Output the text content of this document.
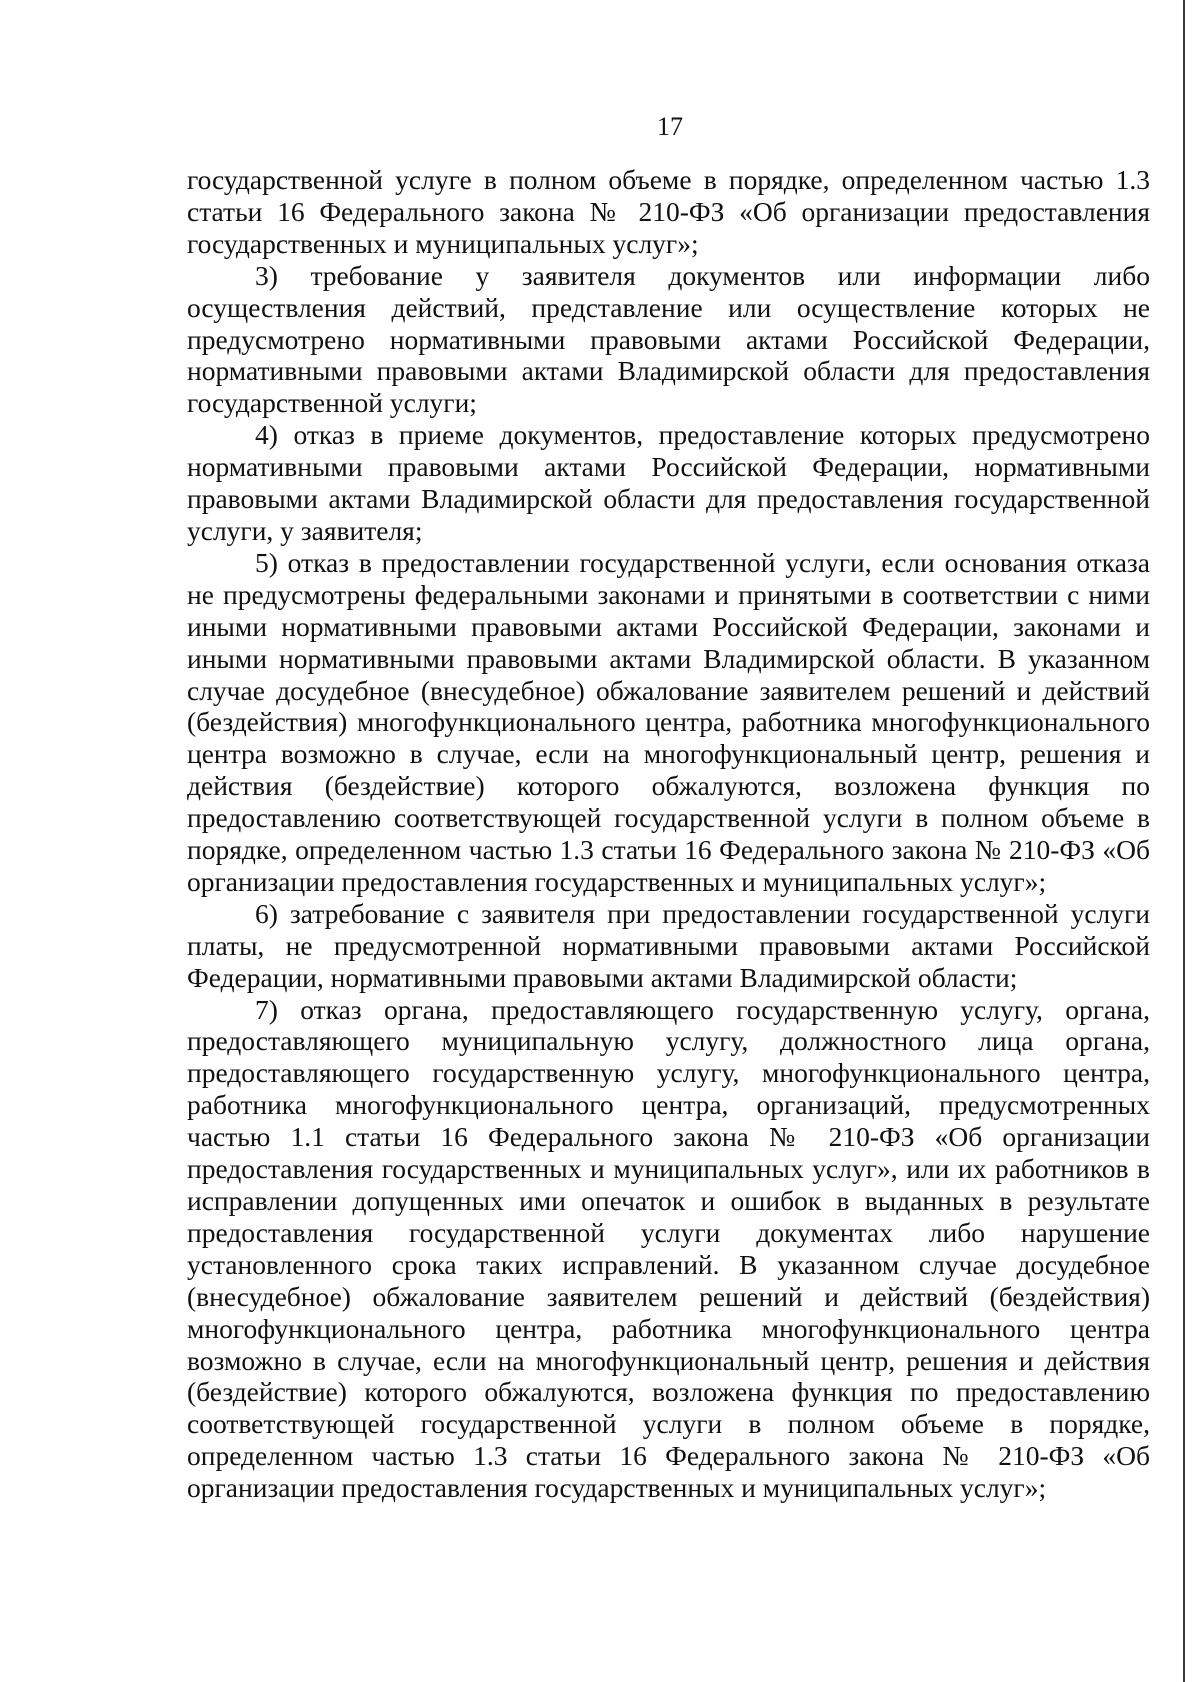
17

государственной услуге в полном объеме в порядке, определенном частью 1.3 статьи 16 Федерального закона № 210-ФЗ «Об организации предоставления государственных и муниципальных услуг»;

3) требование у заявителя документов или информации либо осуществления действий, представление или осуществление которых не предусмотрено нормативными правовыми актами Российской Федерации, нормативными правовыми актами Владимирской области для предоставления государственной услуги;

4) отказ в приеме документов, предоставление которых предусмотрено нормативными правовыми актами Российской Федерации, нормативными правовыми актами Владимирской области для предоставления государственной услуги, у заявителя;

5) отказ в предоставлении государственной услуги, если основания отказа не предусмотрены федеральными законами и принятыми в соответствии с ними иными нормативными правовыми актами Российской Федерации, законами и иными нормативными правовыми актами Владимирской области. В указанном случае досудебное (внесудебное) обжалование заявителем решений и действий (бездействия) многофункционального центра, работника многофункционального центра возможно в случае, если на многофункциональный центр, решения и действия (бездействие) которого обжалуются, возложена функция по предоставлению соответствующей государственной услуги в полном объеме в порядке, определенном частью 1.3 статьи 16 Федерального закона № 210-ФЗ «Об организации предоставления государственных и муниципальных услуг»;

6) затребование с заявителя при предоставлении государственной услуги платы, не предусмотренной нормативными правовыми актами Российской Федерации, нормативными правовыми актами Владимирской области;

7) отказ органа, предоставляющего государственную услугу, органа, предоставляющего муниципальную услугу, должностного лица органа, предоставляющего государственную услугу, многофункционального центра, работника многофункционального центра, организаций, предусмотренных частью 1.1 статьи 16 Федерального закона № 210-ФЗ «Об организации предоставления государственных и муниципальных услуг», или их работников в исправлении допущенных ими опечаток и ошибок в выданных в результате предоставления государственной услуги документах либо нарушение установленного срока таких исправлений. В указанном случае досудебное (внесудебное) обжалование заявителем решений и действий (бездействия) многофункционального центра, работника многофункционального центра возможно в случае, если на многофункциональный центр, решения и действия (бездействие) которого обжалуются, возложена функция по предоставлению соответствующей государственной услуги в полном объеме в порядке, определенном частью 1.3 статьи 16 Федерального закона № 210-ФЗ «Об организации предоставления государственных и муниципальных услуг»;
